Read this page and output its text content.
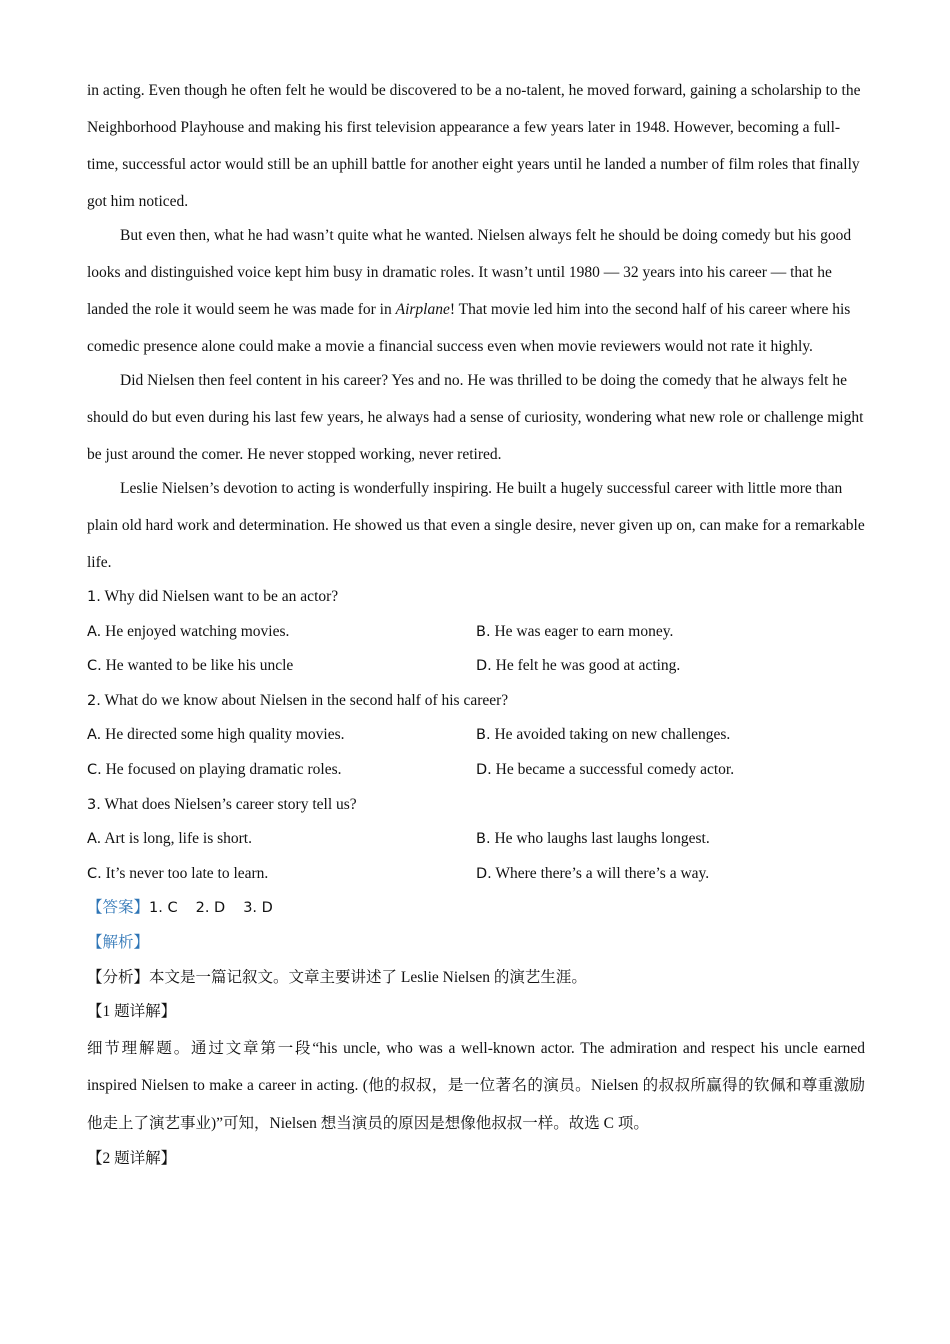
in acting. Even though he often felt he would be discovered to be a no-talent, he moved forward, gaining a scholarship to the Neighborhood Playhouse and making his first television appearance a few years later in 1948. However, becoming a full-time, successful actor would still be an uphill battle for another eight years until he landed a number of film roles that finally got him noticed.

But even then, what he had wasn’t quite what he wanted. Nielsen always felt he should be doing comedy but his good looks and distinguished voice kept him busy in dramatic roles. It wasn’t until 1980 — 32 years into his career — that he landed the role it would seem he was made for in Airplane! That movie led him into the second half of his career where his comedic presence alone could make a movie a financial success even when movie reviewers would not rate it highly.

Did Nielsen then feel content in his career? Yes and no. He was thrilled to be doing the comedy that he always felt he should do but even during his last few years, he always had a sense of curiosity, wondering what new role or challenge might be just around the comer. He never stopped working, never retired.

Leslie Nielsen’s devotion to acting is wonderfully inspiring. He built a hugely successful career with little more than plain old hard work and determination. He showed us that even a single desire, never given up on, can make for a remarkable life.

1. Why did Nielsen want to be an actor?
A. He enjoyed watching movies.	B. He was eager to earn money.
C. He wanted to be like his uncle	D. He felt he was good at acting.
2. What do we know about Nielsen in the second half of his career?
A. He directed some high quality movies.	B. He avoided taking on new challenges.
C. He focused on playing dramatic roles.	D. He became a successful comedy actor.
3. What does Nielsen’s career story tell us?
A. Art is long, life is short.	B. He who laughs last laughs longest.
C. It’s never too late to learn.	D. Where there’s a will there’s a way.
【答案】1. C 2. D 3. D
【解析】
【分析】本文是一篇记叙文。文章主要讲述了 Leslie Nielsen 的演艺生涯。
【1 题详解】

细节理解题。通过文章第一段“his uncle, who was a well-known actor. The admiration and respect his uncle earned inspired Nielsen to make a career in acting. (他的叔叔，是一位著名的演员。Nielsen 的叔叔所赢得的钦佩和尊重激励他走上了演艺事业)”可知，Nielsen 想当演员的原因是想像他叔叔一样。故选 C 项。

【2 题详解】
